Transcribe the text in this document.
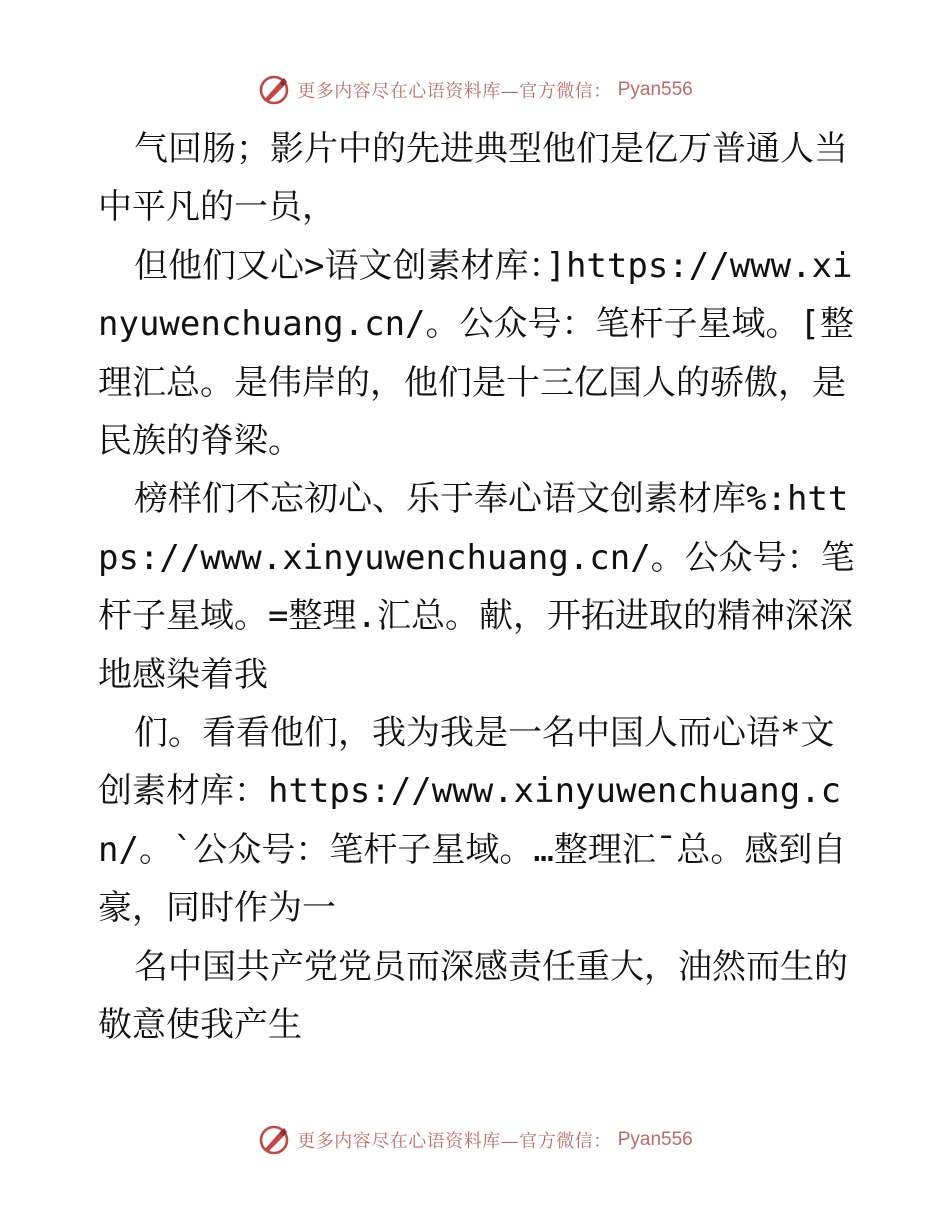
更多内容尽在心语资料库—官方微信： Pyan556

气回肠；影片中的先进典型他们是亿万普通人当中平凡的一员，

但他们又心>语文创素材库：]https://www.xinyuwenchuang.cn/。公众号：笔杆子星域。[整理汇总。是伟岸的，他们是十三亿国人的骄傲，是民族的脊梁。

榜样们不忘初心、乐于奉心语文创素材库%:https://www.xinyuwenchuang.cn/。公众号：笔杆子星域。=整理.汇总。献，开拓进取的精神深深地感染着我

们。看看他们，我为我是一名中国人而心语*文创素材库：https://www.xinyuwenchuang.cn/。`公众号：笔杆子星域。…整理汇¯总。感到自豪，同时作为一

名中国共产党党员而深感责任重大，油然而生的敬意使我产生

更多内容尽在心语资料库—官方微信： Pyan556
